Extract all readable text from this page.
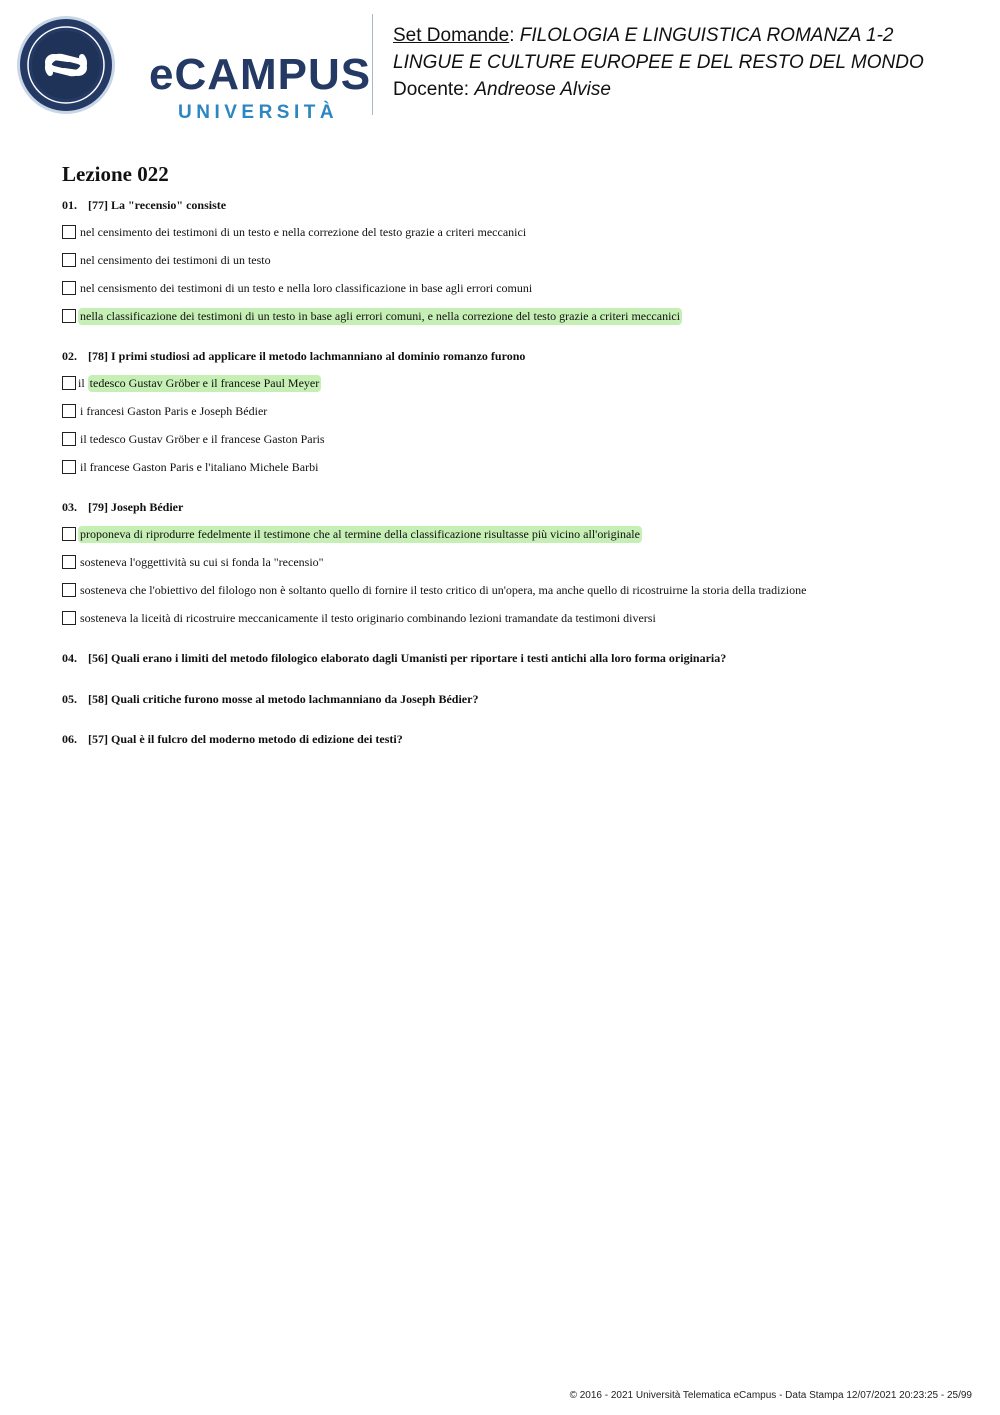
eCAMPUS
UNIVERSITÀ
Set Domande: FILOLOGIA E LINGUISTICA ROMANZA 1-2
LINGUE E CULTURE EUROPEE E DEL RESTO DEL MONDO
Docente: Andreose Alvise
Lezione 022
01. [77] La "recensio" consiste
nel censimento dei testimoni di un testo e nella correzione del testo grazie a criteri meccanici
nel censimento dei testimoni di un testo
nel censismento dei testimoni di un testo e nella loro classificazione in base agli errori comuni
nella classificazione dei testimoni di un testo in base agli errori comuni, e nella correzione del testo grazie a criteri meccanici
02. [78] I primi studiosi ad applicare il metodo lachmanniano al dominio romanzo furono
il tedesco Gustav Gröber e il francese Paul Meyer
i francesi Gaston Paris e Joseph Bédier
il tedesco Gustav Gröber e il francese Gaston Paris
il francese Gaston Paris e l'italiano Michele Barbi
03. [79] Joseph Bédier
proponeva di riprodurre fedelmente il testimone che al termine della classificazione risultasse più vicino all'originale
sosteneva l'oggettività su cui si fonda la "recensio"
sosteneva che l'obiettivo del filologo non è soltanto quello di fornire il testo critico di un'opera, ma anche quello di ricostruirne la storia della tradizione
sosteneva la liceità di ricostruire meccanicamente il testo originario combinando lezioni tramandate da testimoni diversi
04. [56] Quali erano i limiti del metodo filologico elaborato dagli Umanisti per riportare i testi antichi alla loro forma originaria?
05. [58] Quali critiche furono mosse al metodo lachmanniano da Joseph Bédier?
06. [57] Qual è il fulcro del moderno metodo di edizione dei testi?
© 2016 - 2021 Università Telematica eCampus - Data Stampa 12/07/2021 20:23:25 - 25/99
